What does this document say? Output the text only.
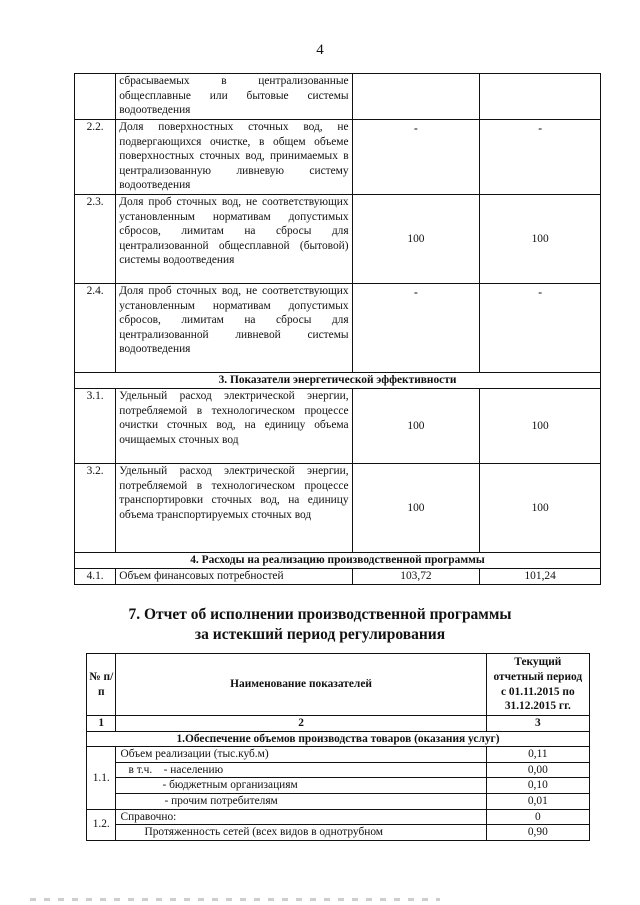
4
	сбрасываемых в централизованные общесплавные или бытовые системы водоотведения		
2.2.	Доля поверхностных сточных вод, не подвергающихся очистке, в общем объеме поверхностных сточных вод, принимаемых в централизованную ливневую систему водоотведения	-	-
2.3.	Доля проб сточных вод, не соответствующих установленным нормативам допустимых сбросов, лимитам на сбросы для централизованной общесплавной (бытовой) системы водоотведения	100	100
2.4.	Доля проб сточных вод, не соответствующих установленным нормативам допустимых сбросов, лимитам на сбросы для централизованной ливневой системы водоотведения	-	-
3. Показатели энергетической эффективности			
3.1.	Удельный расход электрической энергии, потребляемой в технологическом процессе очистки сточных вод, на единицу объема очищаемых сточных вод	100	100
3.2.	Удельный расход электрической энергии, потребляемой в технологическом процессе транспортировки сточных вод, на единицу объема транспортируемых сточных вод	100	100
4. Расходы на реализацию производственной программы			
4.1.	Объем финансовых потребностей	103,72	101,24
7. Отчет об исполнении производственной программы
за истекший период регулирования
№ п/п	Наименование показателей	Текущий отчетный период с 01.11.2015 по 31.12.2015 гг.
1	2	3
1.Обеспечение объемов производства товаров (оказания услуг)		
1.1.	Объем реализации (тыс.куб.м)	0,11
	в т.ч.    - населению	0,00
	- бюджетным организациям	0,10
	- прочим потребителям	0,01
1.2.	Справочно:	0
	Протяженность сетей (всех видов в однотрубном	0,90
